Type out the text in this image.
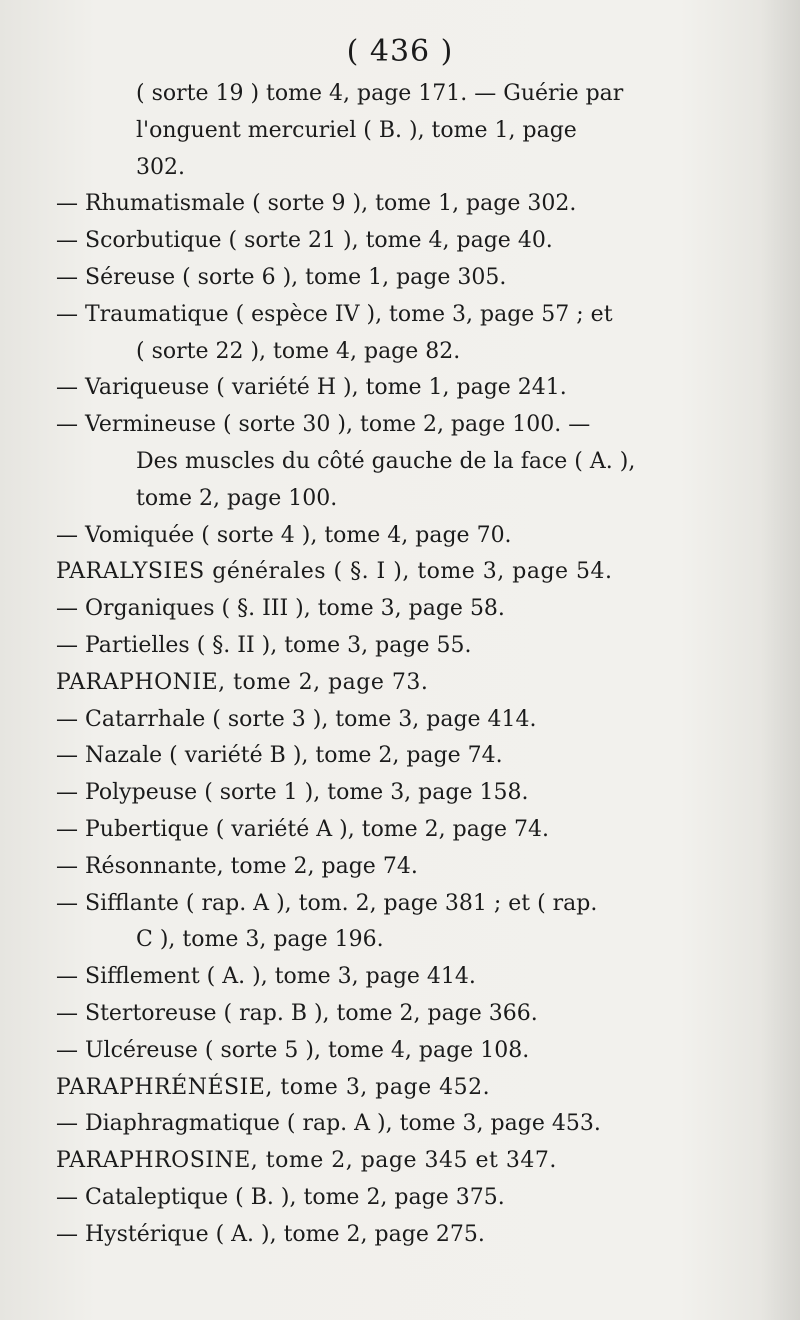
( 436 )
( sorte 19 ) tome 4, page 171. — Guérie par
l'onguent mercuriel ( B. ), tome 1, page
302.
— Rhumatismale ( sorte 9 ), tome 1, page 302.
— Scorbutique ( sorte 21 ), tome 4, page 40.
— Séreuse ( sorte 6 ), tome 1, page 305.
— Traumatique ( espèce IV ), tome 3, page 57 ; et
( sorte 22 ), tome 4, page 82.
— Variqueuse ( variété H ), tome 1, page 241.
— Vermineuse ( sorte 30 ), tome 2, page 100. —
Des muscles du côté gauche de la face ( A. ),
tome 2, page 100.
— Vomiquée ( sorte 4 ), tome 4, page 70.
PARALYSIES générales ( §. I ), tome 3, page 54.
— Organiques ( §. III ), tome 3, page 58.
— Partielles ( §. II ), tome 3, page 55.
PARAPHONIE, tome 2, page 73.
— Catarrhale ( sorte 3 ), tome 3, page 414.
— Nazale ( variété B ), tome 2, page 74.
— Polypeuse ( sorte 1 ), tome 3, page 158.
— Pubertique ( variété A ), tome 2, page 74.
— Résonnante, tome 2, page 74.
— Sifflante ( rap. A ), tom. 2, page 381 ; et ( rap.
C ), tome 3, page 196.
— Sifflement ( A. ), tome 3, page 414.
— Stertoreuse ( rap. B ), tome 2, page 366.
— Ulcéreuse ( sorte 5 ), tome 4, page 108.
PARAPHRÉNÉSIE, tome 3, page 452.
— Diaphragmatique ( rap. A ), tome 3, page 453.
PARAPHROSINE, tome 2, page 345 et 347.
— Cataleptique ( B. ), tome 2, page 375.
— Hystérique ( A. ), tome 2, page 275.
